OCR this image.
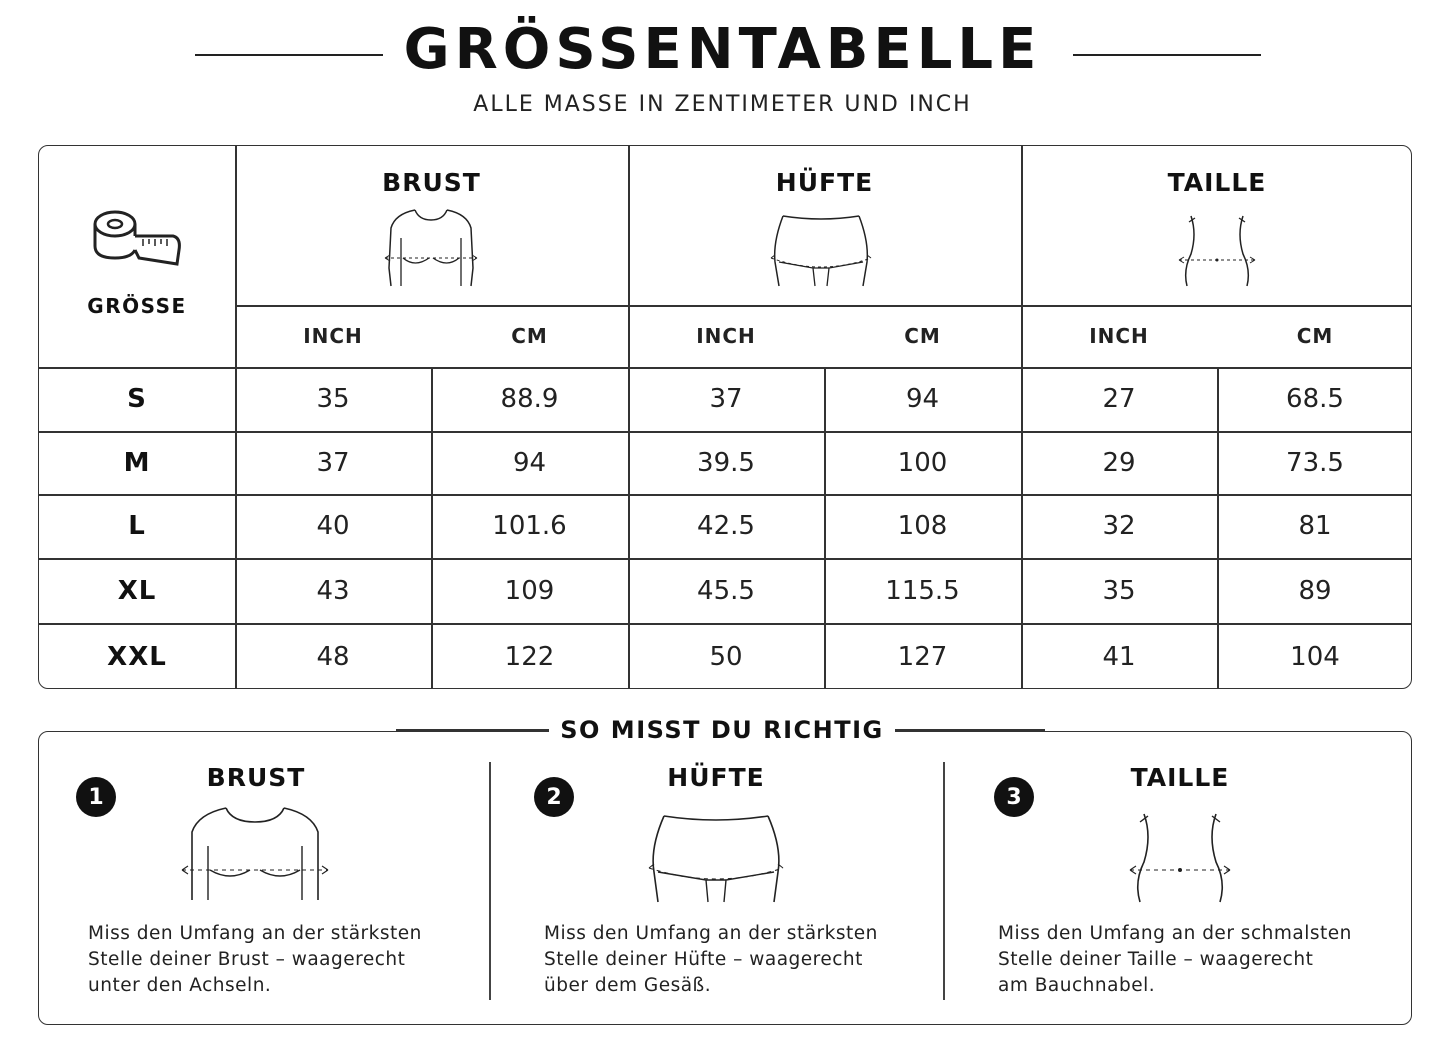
GRÖSSENTABELLE
ALLE MASSE IN ZENTIMETER UND INCH
GRÖSSE
BRUST	HÜFTE	TAILLE
INCH	CM	INCH	CM	INCH	CM
S	35	88.9	37	94	27	68.5
M	37	94	39.5	100	29	73.5
L	40	101.6	42.5	108	32	81
XL	43	109	45.5	115.5	35	89
XXL	48	122	50	127	41	104
SO MISST DU RICHTIG
1
BRUST
Miss den Umfang an der stärksten
Stelle deiner Brust – waagerecht
unter den Achseln.
2
HÜFTE
Miss den Umfang an der stärksten
Stelle deiner Hüfte – waagerecht
über dem Gesäß.
3
TAILLE
Miss den Umfang an der schmalsten
Stelle deiner Taille – waagerecht
am Bauchnabel.
